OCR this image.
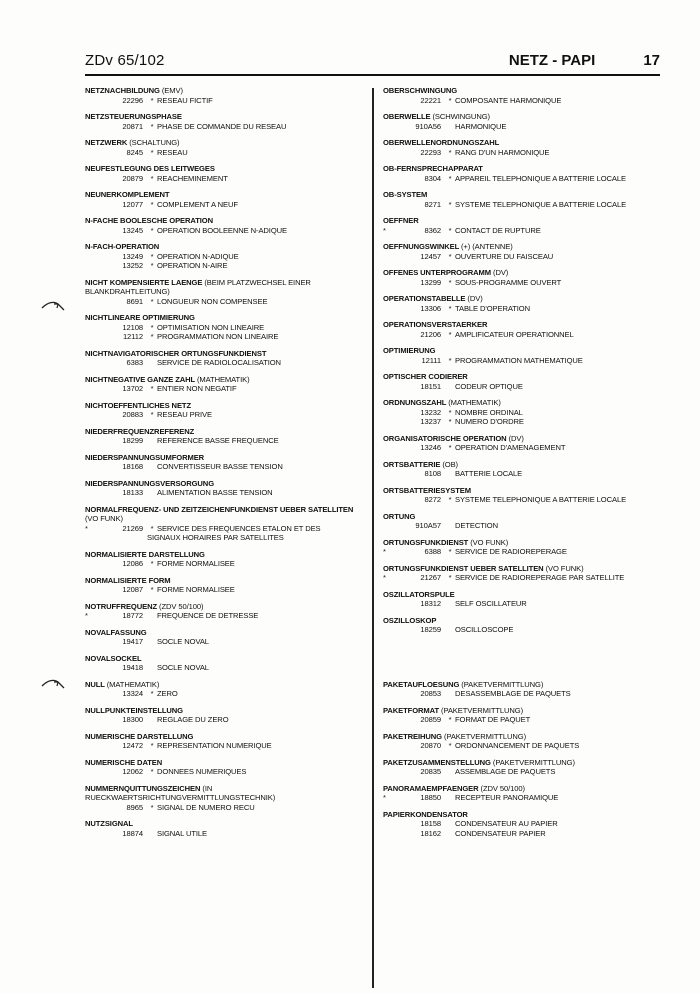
ZDv 65/102	NETZ - PAPI	17
NETZNACHBILDUNG (EMV)
22296 * RESEAU FICTIF
NETZSTEUERUNGSPHASE
20871 * PHASE DE COMMANDE DU RESEAU
NETZWERK (SCHALTUNG)
8245 * RESEAU
NEUFESTLEGUNG DES LEITWEGES
20879 * REACHEMINEMENT
NEUNERKOMPLEMENT
12077 * COMPLEMENT A NEUF
N-FACHE BOOLESCHE OPERATION
13245 * OPERATION BOOLEENNE N-ADIQUE
N-FACH-OPERATION
13249 * OPERATION N-ADIQUE
13252 * OPERATION N-AIRE
NICHT KOMPENSIERTE LAENGE (BEIM PLATZWECHSEL EINER BLANKDRAHTLEITUNG)
8691 * LONGUEUR NON COMPENSEE
NICHTLINEARE OPTIMIERUNG
12108 * OPTIMISATION NON LINEAIRE
12112 * PROGRAMMATION NON LINEAIRE
NICHTNAVIGATORISCHER ORTUNGSFUNKDIENST
6383 SERVICE DE RADIOLOCALISATION
NICHTNEGATIVE GANZE ZAHL (MATHEMATIK)
13702 * ENTIER NON NEGATIF
NICHTOEFFENTLICHES NETZ
20883 * RESEAU PRIVE
NIEDERFREQUENZREFERENZ
18299 REFERENCE BASSE FREQUENCE
NIEDERSPANNUNGSUMFORMER
18168 CONVERTISSEUR BASSE TENSION
NIEDERSPANNUNGSVERSORGUNG
18133 ALIMENTATION BASSE TENSION
NORMALFREQUENZ- UND ZEITZEICHENFUNKDIENST UEBER SATELLITEN (VO FUNK)
*	21269 * SERVICE DES FREQUENCES ETALON ET DES
SIGNAUX HORAIRES PAR SATELLITES
NORMALISIERTE DARSTELLUNG
12086 * FORME NORMALISEE
NORMALISIERTE FORM
12087 * FORME NORMALISEE
NOTRUFFREQUENZ (ZDV 50/100)
*	18772 FREQUENCE DE DETRESSE
NOVALFASSUNG
19417 SOCLE NOVAL
NOVALSOCKEL
19418 SOCLE NOVAL
NULL (MATHEMATIK)
13324 * ZERO
NULLPUNKTEINSTELLUNG
18300 REGLAGE DU ZERO
NUMERISCHE DARSTELLUNG
12472 * REPRESENTATION NUMERIQUE
NUMERISCHE DATEN
12062 * DONNEES NUMERIQUES
NUMMERNQUITTUNGSZEICHEN (IN RUECKWAERTSRICHTUNGVERMITTLUNGSTECHNIK)
8965 * SIGNAL DE NUMERO RECU
NUTZSIGNAL
18874 SIGNAL UTILE
OBERSCHWINGUNG
22221 * COMPOSANTE HARMONIQUE
OBERWELLE (SCHWINGUNG)
910A56 HARMONIQUE
OBERWELLENORDNUNGSZAHL
22293 * RANG D'UN HARMONIQUE
OB-FERNSPRECHAPPARAT
8304 * APPAREIL TELEPHONIQUE A BATTERIE LOCALE
OB-SYSTEM
8271 * SYSTEME TELEPHONIQUE A BATTERIE LOCALE
OEFFNER
*	8362 * CONTACT DE RUPTURE
OEFFNUNGSWINKEL (+) (ANTENNE)
12457 * OUVERTURE DU FAISCEAU
OFFENES UNTERPROGRAMM (DV)
13299 * SOUS-PROGRAMME OUVERT
OPERATIONSTABELLE (DV)
13306 * TABLE D'OPERATION
OPERATIONSVERSTAERKER
21206 * AMPLIFICATEUR OPERATIONNEL
OPTIMIERUNG
12111 * PROGRAMMATION MATHEMATIQUE
OPTISCHER CODIERER
18151 CODEUR OPTIQUE
ORDNUNGSZAHL (MATHEMATIK)
13232 * NOMBRE ORDINAL
13237 * NUMERO D'ORDRE
ORGANISATORISCHE OPERATION (DV)
13246 * OPERATION D'AMENAGEMENT
ORTSBATTERIE (OB)
8108 BATTERIE LOCALE
ORTSBATTERIESYSTEM
8272 * SYSTEME TELEPHONIQUE A BATTERIE LOCALE
ORTUNG
910A57 DETECTION
ORTUNGSFUNKDIENST (VO FUNK)
*	6388 * SERVICE DE RADIOREPERAGE
ORTUNGSFUNKDIENST UEBER SATELLITEN (VO FUNK)
*	21267 * SERVICE DE RADIOREPERAGE PAR SATELLITE
OSZILLATORSPULE
18312 SELF OSCILLATEUR
OSZILLOSKOP
18259 OSCILLOSCOPE
PAKETAUFLOESUNG (PAKETVERMITTLUNG)
20853 DESASSEMBLAGE DE PAQUETS
PAKETFORMAT (PAKETVERMITTLUNG)
20859 * FORMAT DE PAQUET
PAKETREIHUNG (PAKETVERMITTLUNG)
20870 * ORDONNANCEMENT DE PAQUETS
PAKETZUSAMMENSTELLUNG (PAKETVERMITTLUNG)
20835 ASSEMBLAGE DE PAQUETS
PANORAMAEMPFAENGER (ZDV 50/100)
*	18850 RECEPTEUR PANORAMIQUE
PAPIERKONDENSATOR
18158 CONDENSATEUR AU PAPIER
18162 CONDENSATEUR PAPIER
